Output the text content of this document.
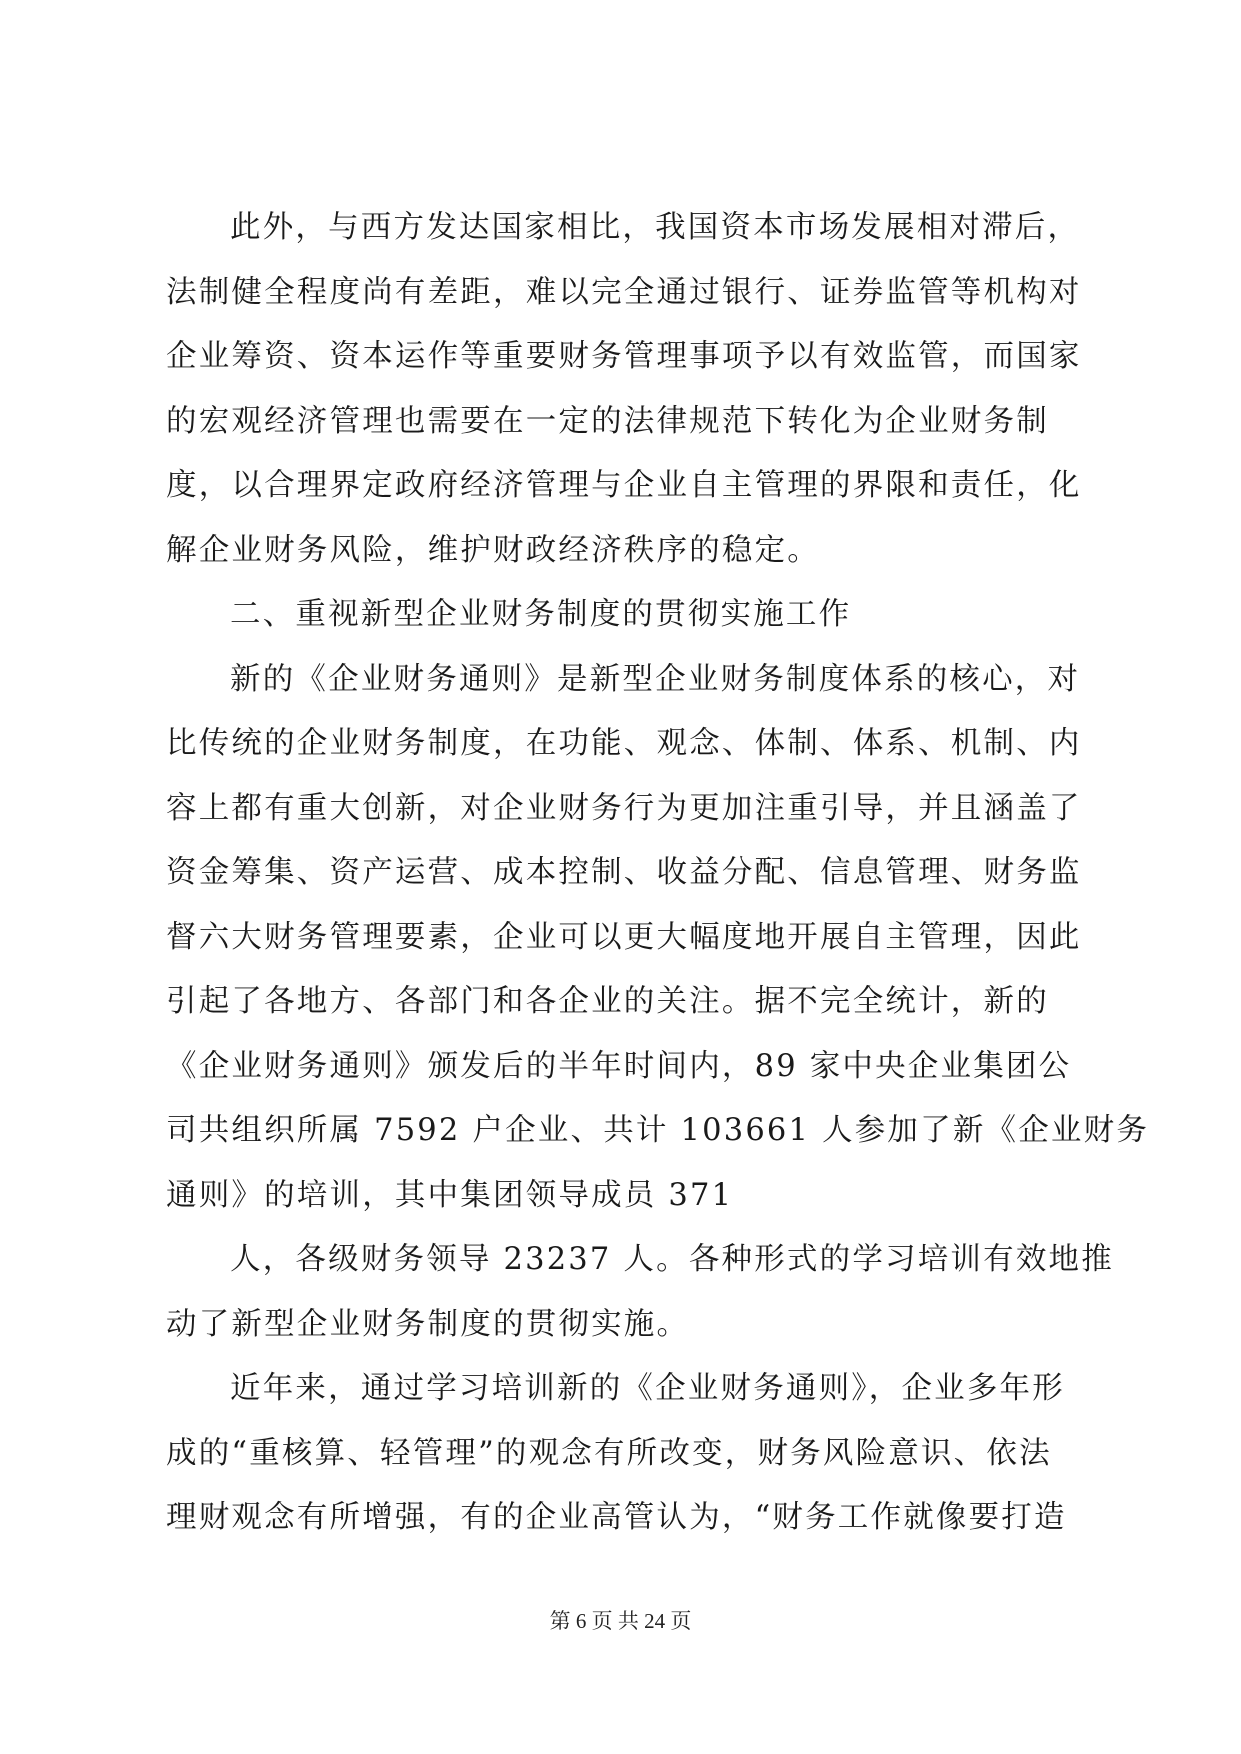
此外，与西方发达国家相比，我国资本市场发展相对滞后，
法制健全程度尚有差距，难以完全通过银行、证券监管等机构对
企业筹资、资本运作等重要财务管理事项予以有效监管，而国家
的宏观经济管理也需要在一定的法律规范下转化为企业财务制
度，以合理界定政府经济管理与企业自主管理的界限和责任，化
解企业财务风险，维护财政经济秩序的稳定。
二、重视新型企业财务制度的贯彻实施工作
新的《企业财务通则》是新型企业财务制度体系的核心，对
比传统的企业财务制度，在功能、观念、体制、体系、机制、内
容上都有重大创新，对企业财务行为更加注重引导，并且涵盖了
资金筹集、资产运营、成本控制、收益分配、信息管理、财务监
督六大财务管理要素，企业可以更大幅度地开展自主管理，因此
引起了各地方、各部门和各企业的关注。据不完全统计，新的
《企业财务通则》颁发后的半年时间内，89 家中央企业集团公
司共组织所属 7592 户企业、共计 103661 人参加了新《企业财务
通则》的培训，其中集团领导成员 371
人，各级财务领导 23237 人。各种形式的学习培训有效地推
动了新型企业财务制度的贯彻实施。
近年来，通过学习培训新的《企业财务通则》，企业多年形
成的“重核算、轻管理”的观念有所改变，财务风险意识、依法
理财观念有所增强，有的企业高管认为，“财务工作就像要打造
第 6 页 共 24 页
